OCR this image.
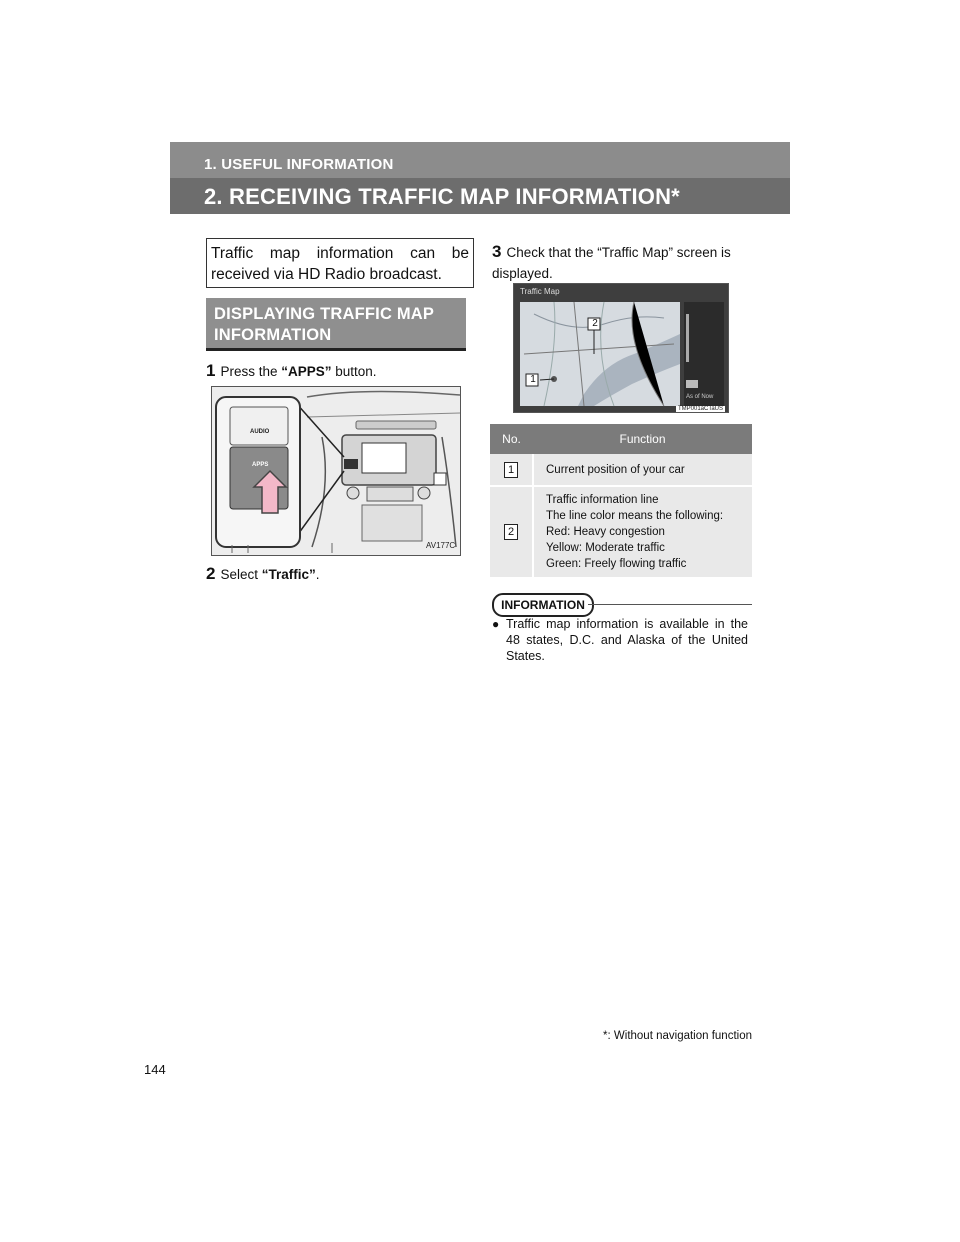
1. USEFUL INFORMATION
2. RECEIVING TRAFFIC MAP INFORMATION*
Traffic map information can be received via HD Radio broadcast.
DISPLAYING TRAFFIC MAP INFORMATION
1 Press the “APPS” button.
AUDIO
APPS
AV177C
2 Select “Traffic”.
3 Check that the “Traffic Map” screen is displayed.
Traffic Map
2
1
As of Now
TMP001aCTaUS
No.	Function
1	Current position of your car
2	Traffic information line
The line color means the following:
Red: Heavy congestion
Yellow: Moderate traffic
Green: Freely flowing traffic
INFORMATION
● Traffic map information is available in the 48 states, D.C. and Alaska of the United States.
*: Without navigation function
144
